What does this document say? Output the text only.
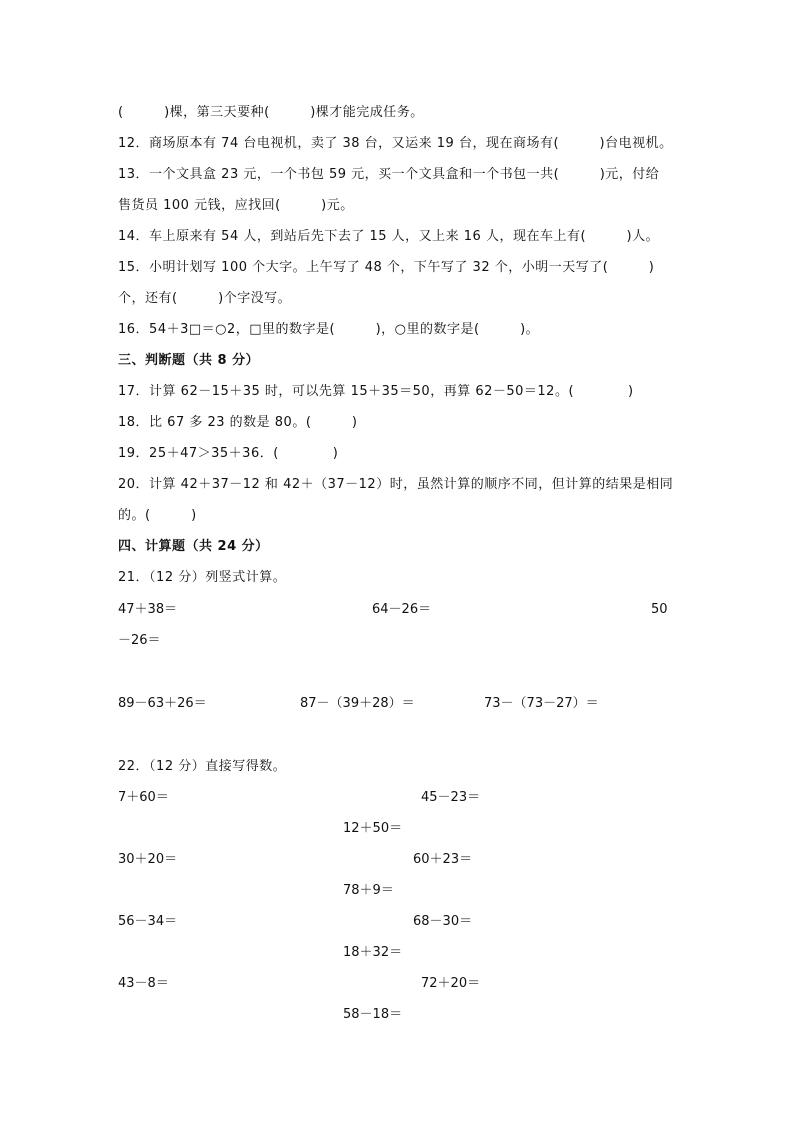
(　　　)棵，第三天要种(　　　)棵才能完成任务。
12．商场原本有 74 台电视机，卖了 38 台，又运来 19 台，现在商场有(　　　)台电视机。
13．一个文具盒 23 元，一个书包 59 元，买一个文具盒和一个书包一共(　　　)元，付给
售货员 100 元钱，应找回(　　　)元。
14．车上原来有 54 人，到站后先下去了 15 人，又上来 16 人，现在车上有(　　　)人。
15．小明计划写 100 个大字。上午写了 48 个，下午写了 32 个，小明一天写了(　　　)
个，还有(　　　)个字没写。
16．54＋3□＝○2，□里的数字是(　　　)，○里的数字是(　　　)。
三、判断题（共 8 分）
17．计算 62－15＋35 时，可以先算 15＋35＝50，再算 62－50＝12。(　　　　)
18．比 67 多 23 的数是 80。(　　　)
19．25＋47＞35＋36．(　　　　)
20．计算 42＋37－12 和 42＋（37－12）时，虽然计算的顺序不同，但计算的结果是相同
的。(　　　)
四、计算题（共 24 分）
21．（12 分）列竖式计算。
47＋38＝	64－26＝	50
－26＝
89－63＋26＝	87－（39＋28）＝	73－（73－27）＝
22．（12 分）直接写得数。
7＋60＝	45－23＝
12＋50＝
30＋20＝	60＋23＝
78＋9＝
56－34＝	68－30＝
18＋32＝
43－8＝	72＋20＝
58－18＝
